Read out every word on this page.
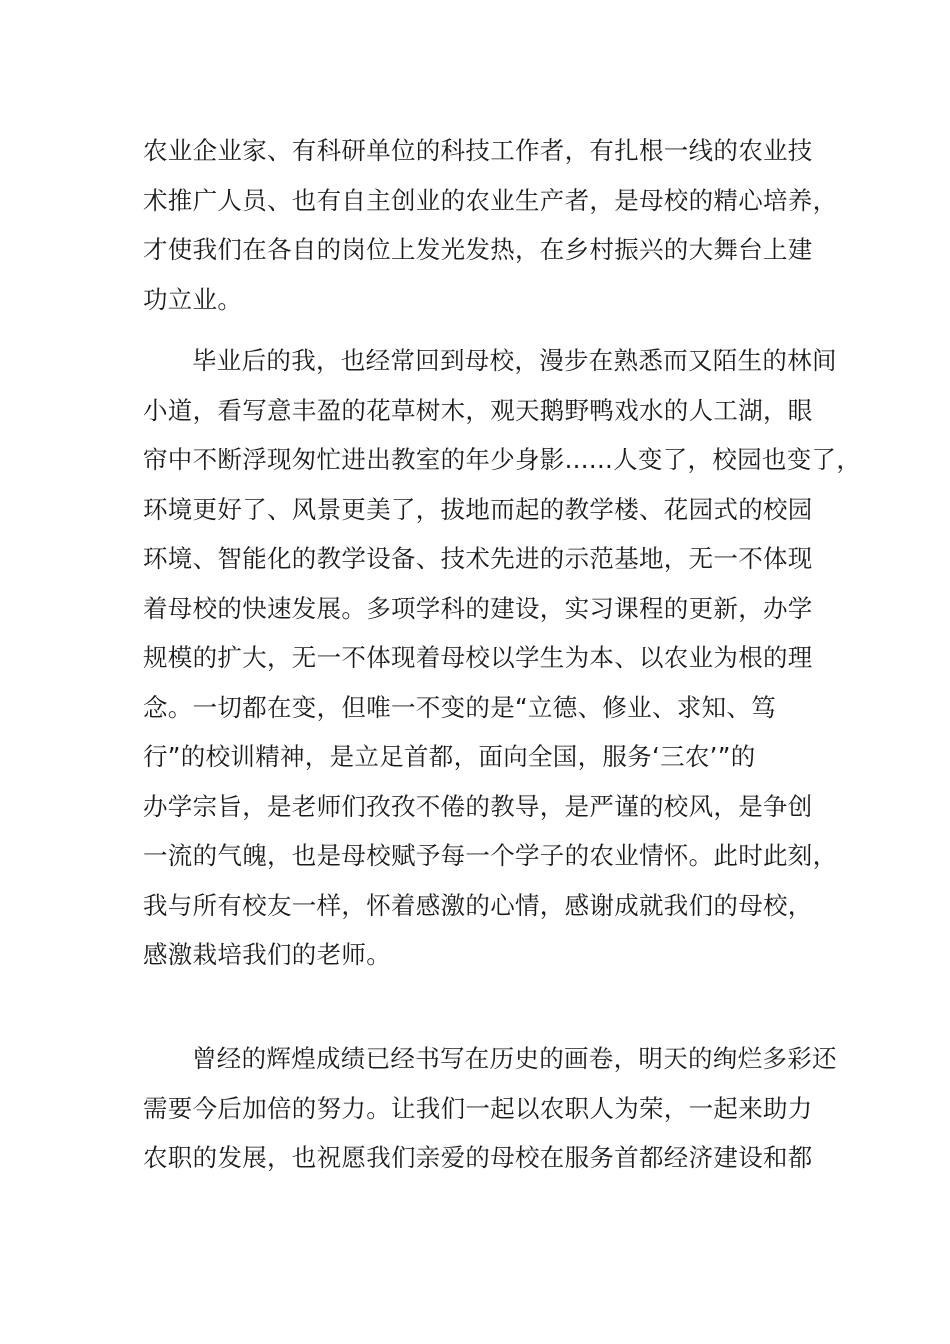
农业企业家、有科研单位的科技工作者，有扎根一线的农业技
术推广人员、也有自主创业的农业生产者，是母校的精心培养，
才使我们在各自的岗位上发光发热，在乡村振兴的大舞台上建
功立业。
毕业后的我，也经常回到母校，漫步在熟悉而又陌生的林间
小道，看写意丰盈的花草树木，观天鹅野鸭戏水的人工湖，眼
帘中不断浮现匆忙进出教室的年少身影......人变了，校园也变了，
环境更好了、风景更美了，拔地而起的教学楼、花园式的校园
环境、智能化的教学设备、技术先进的示范基地，无一不体现
着母校的快速发展。多项学科的建设，实习课程的更新，办学
规模的扩大，无一不体现着母校以学生为本、以农业为根的理
念。一切都在变，但唯一不变的是“立德、修业、求知、笃
行”的校训精神，是立足首都，面向全国，服务‘三农’”的
办学宗旨，是老师们孜孜不倦的教导，是严谨的校风，是争创
一流的气魄，也是母校赋予每一个学子的农业情怀。此时此刻，
我与所有校友一样，怀着感激的心情，感谢成就我们的母校，
感激栽培我们的老师。
曾经的辉煌成绩已经书写在历史的画卷，明天的绚烂多彩还
需要今后加倍的努力。让我们一起以农职人为荣，一起来助力
农职的发展，也祝愿我们亲爱的母校在服务首都经济建设和都
